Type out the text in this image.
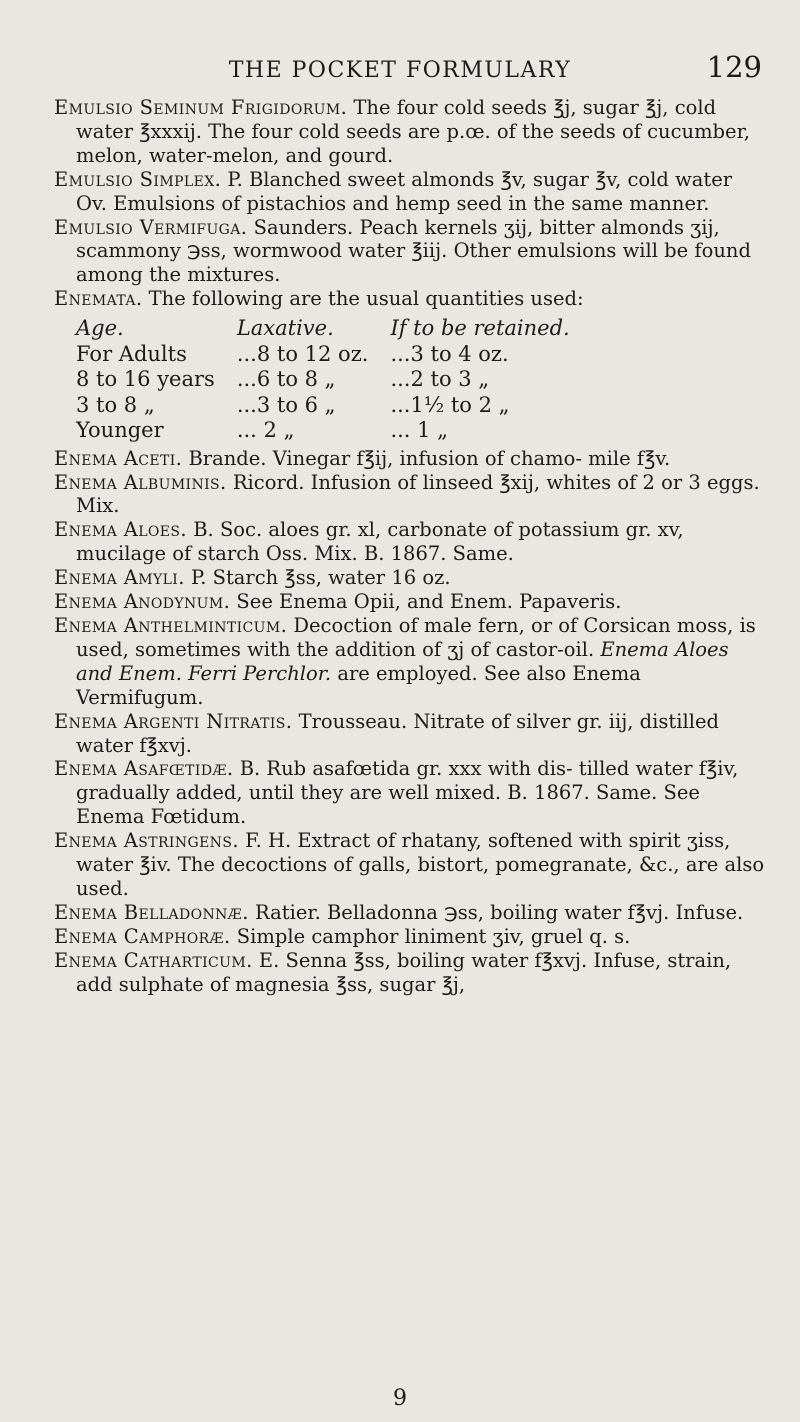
THE POCKET FORMULARY	129

Emulsio Seminum Frigidorum. The four cold seeds ℥j, sugar ℥j, cold water ℥xxxij. The four cold seeds are p.œ. of the seeds of cucumber, melon, water-melon, and gourd.

Emulsio Simplex. P. Blanched sweet almonds ℥v, sugar ℥v, cold water Ov. Emulsions of pistachios and hemp seed in the same manner.

Emulsio Vermifuga. Saunders. Peach kernels ʒij, bitter almonds ʒij, scammony ℈ss, wormwood water ℥iij. Other emulsions will be found among the mixtures.

Enemata. The following are the usual quantities used:

Age.	Laxative.	If to be retained.
For Adults	...8 to 12 oz.	...3 to 4 oz.
8 to 16 years	...6 to 8 „	...2 to 3 „
3 to 8 „	...3 to 6 „	...1½ to 2 „
Younger	... 2 „	... 1 „

Enema Aceti. Brande. Vinegar f℥ij, infusion of chamo- mile f℥v.

Enema Albuminis. Ricord. Infusion of linseed ℥xij, whites of 2 or 3 eggs. Mix.

Enema Aloes. B. Soc. aloes gr. xl, carbonate of potassium gr. xv, mucilage of starch Oss. Mix. B. 1867. Same.

Enema Amyli. P. Starch ℥ss, water 16 oz.

Enema Anodynum. See Enema Opii, and Enem. Papaveris.

Enema Anthelminticum. Decoction of male fern, or of Corsican moss, is used, sometimes with the addition of ʒj of castor-oil. Enema Aloes and Enem. Ferri Perchlor. are employed. See also Enema Vermifugum.

Enema Argenti Nitratis. Trousseau. Nitrate of silver gr. iij, distilled water f℥xvj.

Enema Asafœtidæ. B. Rub asafœtida gr. xxx with dis- tilled water f℥iv, gradually added, until they are well mixed. B. 1867. Same. See Enema Fœtidum.

Enema Astringens. F. H. Extract of rhatany, softened with spirit ʒiss, water ℥iv. The decoctions of galls, bistort, pomegranate, &c., are also used.

Enema Belladonnæ. Ratier. Belladonna ℈ss, boiling water f℥vj. Infuse.

Enema Camphoræ. Simple camphor liniment ʒiv, gruel q. s.

Enema Catharticum. E. Senna ℥ss, boiling water f℥xvj. Infuse, strain, add sulphate of magnesia ℥ss, sugar ℥j,

9
